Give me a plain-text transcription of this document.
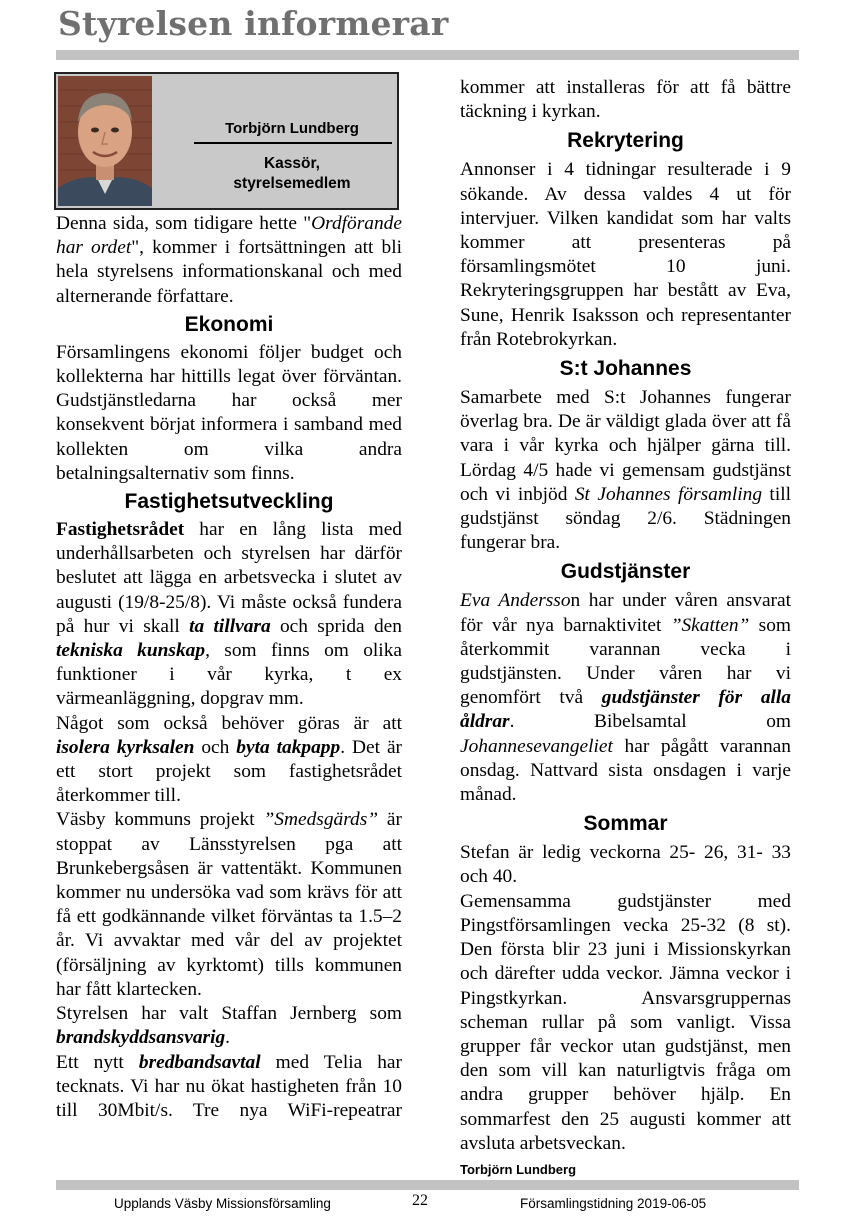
Styrelsen informerar
Torbjörn Lundberg
Kassör,
styrelsemedlem

Denna sida, som tidigare hette "Ordförande har ordet", kommer i fortsättningen att bli hela styrelsens informationskanal och med alternerande författare.

Ekonomi

Församlingens ekonomi följer budget och kollekterna har hittills legat över förväntan. Gudstjänstledarna har också mer konsekvent börjat informera i samband med kollekten om vilka andra betalningsalternativ som finns.

Fastighetsutveckling

Fastighetsrådet har en lång lista med underhållsarbeten och styrelsen har därför beslutet att lägga en arbetsvecka i slutet av augusti (19/8-25/8). Vi måste också fundera på hur vi skall ta tillvara och sprida den tekniska kunskap, som finns om olika funktioner i vår kyrka, t ex värmeanläggning, dopgrav mm.

Något som också behöver göras är att isolera kyrksalen och byta takpapp. Det är ett stort projekt som fastighetsrådet återkommer till.

Väsby kommuns projekt ”Smedsgärds” är stoppat av Länsstyrelsen pga att Brunkebergsåsen är vattentäkt. Kommunen kommer nu undersöka vad som krävs för att få ett godkännande vilket förväntas ta 1.5–2 år. Vi avvaktar med vår del av projektet (försäljning av kyrktomt) tills kommunen har fått klartecken.

Styrelsen har valt Staffan Jernberg som brandskyddsansvarig.

Ett nytt bredbandsavtal med Telia har tecknats. Vi har nu ökat hastigheten från 10 till 30Mbit/s. Tre nya WiFi-repeatrar

kommer att installeras för att få bättre täckning i kyrkan.

Rekrytering

Annonser i 4 tidningar resulterade i 9 sökande. Av dessa valdes 4 ut för intervjuer. Vilken kandidat som har valts kommer att presenteras på församlingsmötet 10 juni. Rekryteringsgruppen har bestått av Eva, Sune, Henrik Isaksson och representanter från Rotebrokyrkan.

S:t Johannes

Samarbete med S:t Johannes fungerar överlag bra. De är väldigt glada över att få vara i vår kyrka och hjälper gärna till. Lördag 4/5 hade vi gemensam gudstjänst och vi inbjöd St Johannes församling till gudstjänst söndag 2/6. Städningen fungerar bra.

Gudstjänster

Eva Andersson har under våren ansvarat för vår nya barnaktivitet ”Skatten” som återkommit varannan vecka i gudstjänsten. Under våren har vi genomfört två gudstjänster för alla åldrar. Bibelsamtal om Johannesevangeliet har pågått varannan onsdag. Nattvard sista onsdagen i varje månad.

Sommar

Stefan är ledig veckorna 25- 26, 31- 33 och 40.

Gemensamma gudstjänster med Pingstförsamlingen vecka 25-32 (8 st). Den första blir 23 juni i Missionskyrkan och därefter udda veckor. Jämna veckor i Pingstkyrkan. Ansvarsgruppernas scheman rullar på som vanligt. Vissa grupper får veckor utan gudstjänst, men den som vill kan naturligtvis fråga om andra grupper behöver hjälp. En sommarfest den 25 augusti kommer att avsluta arbetsveckan.

Torbjörn Lundberg
Upplands Väsby Missionsförsamling	22	Församlingstidning 2019-06-05
